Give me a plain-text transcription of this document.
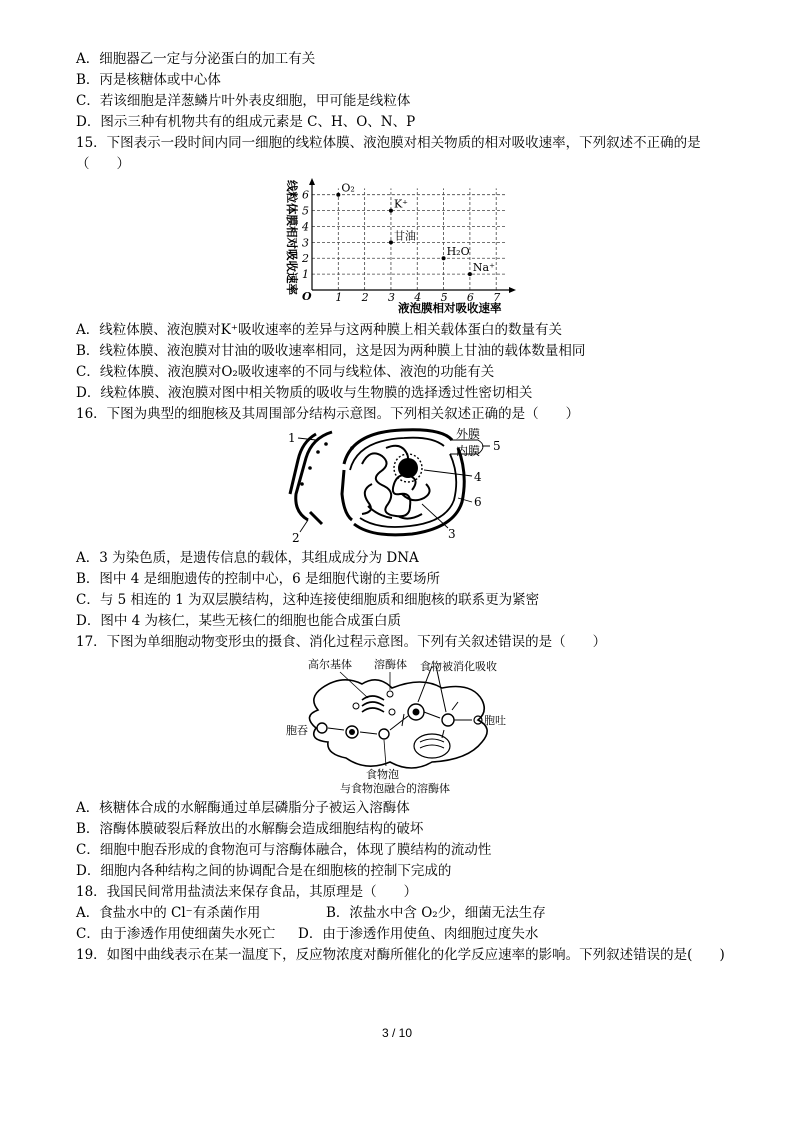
A．细胞器乙一定与分泌蛋白的加工有关
B．丙是核糖体或中心体
C．若该细胞是洋葱鳞片叶外表皮细胞，甲可能是线粒体
D．图示三种有机物共有的组成元素是 C、H、O、N、P
15．下图表示一段时间内同一细胞的线粒体膜、液泡膜对相关物质的相对吸收速率，下列叙述不正确的是
（　　）
1 2 3 4 5 6 7
1
2
3
4
5
6
O₂
K⁺
甘油
H₂O
Na⁺
O
液泡膜相对吸收速率
线粒体膜相对吸收速率
A．线粒体膜、液泡膜对K⁺吸收速率的差异与这两种膜上相关载体蛋白的数量有关
B．线粒体膜、液泡膜对甘油的吸收速率相同，这是因为两种膜上甘油的载体数量相同
C．线粒体膜、液泡膜对O₂吸收速率的不同与线粒体、液泡的功能有关
D．线粒体膜、液泡膜对图中相关物质的吸收与生物膜的选择透过性密切相关
16．下图为典型的细胞核及其周围部分结构示意图。下列相关叙述正确的是（　　）
1
2	3
4
5
6
外膜
内膜
A．3 为染色质，是遗传信息的载体，其组成成分为 DNA
B．图中 4 是细胞遗传的控制中心，6 是细胞代谢的主要场所
C．与 5 相连的 1 为双层膜结构，这种连接使细胞质和细胞核的联系更为紧密
D．图中 4 为核仁，某些无核仁的细胞也能合成蛋白质
17．下图为单细胞动物变形虫的摄食、消化过程示意图。下列有关叙述错误的是（　　）
高尔基体 溶酶体 食物被消化吸收
胞吞
胞吐
食物泡
与食物泡融合的溶酶体
A．核糖体合成的水解酶通过单层磷脂分子被运入溶酶体
B．溶酶体膜破裂后释放出的水解酶会造成细胞结构的破坏
C．细胞中胞吞形成的食物泡可与溶酶体融合，体现了膜结构的流动性
D．细胞内各种结构之间的协调配合是在细胞核的控制下完成的
18．我国民间常用盐渍法来保存食品，其原理是（　　）
A．食盐水中的 Cl⁻有杀菌作用	B．浓盐水中含 O₂少，细菌无法生存
C．由于渗透作用使细菌失水死亡 D．由于渗透作用使鱼、肉细胞过度失水
19．如图中曲线表示在某一温度下，反应物浓度对酶所催化的化学反应速率的影响。下列叙述错误的是(　　)
3 / 10
